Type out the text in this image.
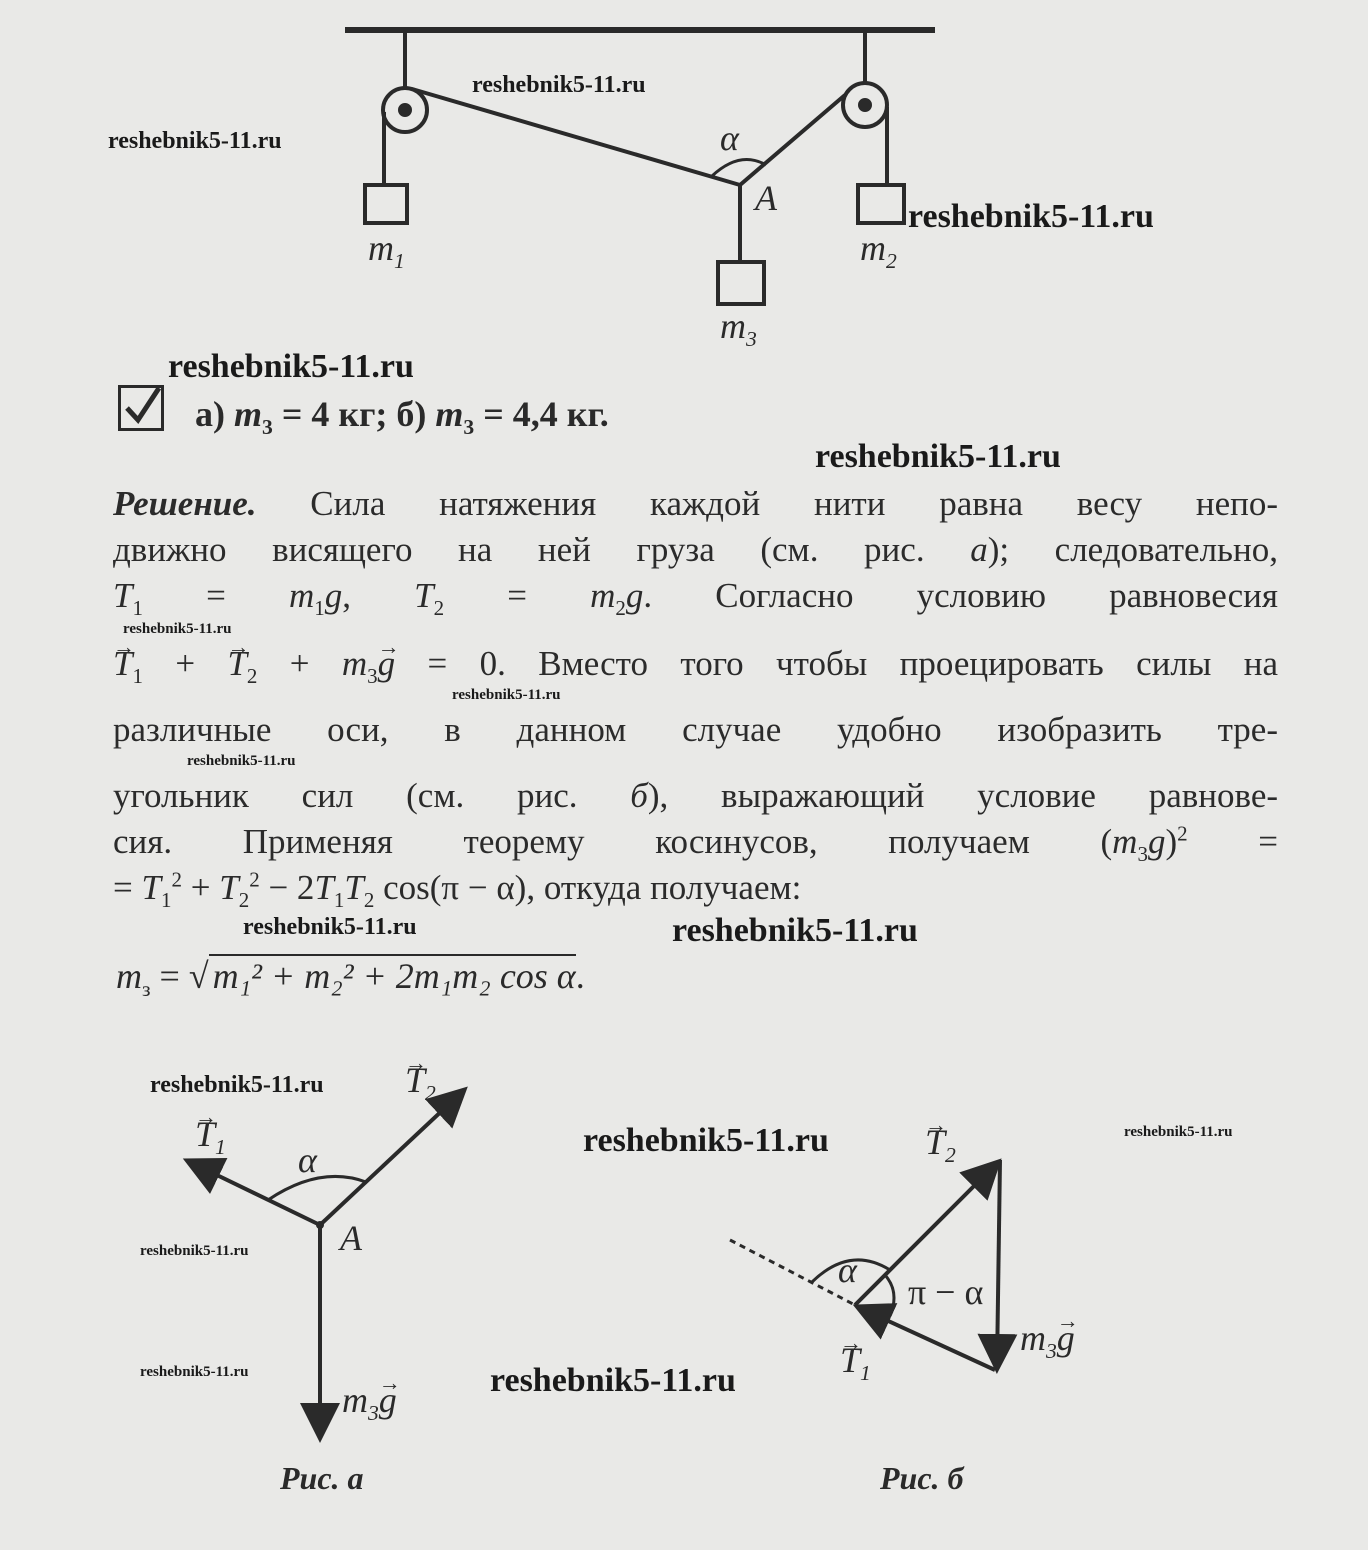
$m_1$	$m_2$
$m_3$
A
α
а) $m_3 = 4$ кг; б) $m_3 = 4,4$ кг.
Решение. Сила натяжения каждой нити равна весу непо-
движно висящего на ней груза (см. рис. а); следовательно,
$T_1 = m_1g$, $T_2 = m_2g$. Согласно условию равновесия
→ $T_1$ + → $T_2 + m_3\to g = 0$. Вместо того чтобы проецировать силы на
различные оси, в данном случае удобно изобразить тре-
угольник сил (см. рис. б), выражающий условие равнове-
сия. Применяя теорему косинусов, получаем $(m_3g)^2$ =
= $T_1^2 + T_2^2 - 2T_1T_2$ cos(π − α), откуда получаем:
$m_з$ = √ m₁² + m₂² + 2m₁m₂ cos α.
→ $T_1$
→ $T_2$
α
A
$m_3\to g$
Рис. а
α
π − α
→ $T_2$
→ $T_1$
$m_3\to g$
Рис. б
reshebnik5-11.ru
reshebnik5-11.ru
reshebnik5-11.ru
reshebnik5-11.ru
reshebnik5-11.ru
reshebnik5-11.ru
reshebnik5-11.ru
reshebnik5-11.ru
reshebnik5-11.ru	reshebnik5-11.ru
reshebnik5-11.ru
reshebnik5-11.ru	reshebnik5-11.ru
reshebnik5-11.ru
reshebnik5-11.ru	reshebnik5-11.ru
